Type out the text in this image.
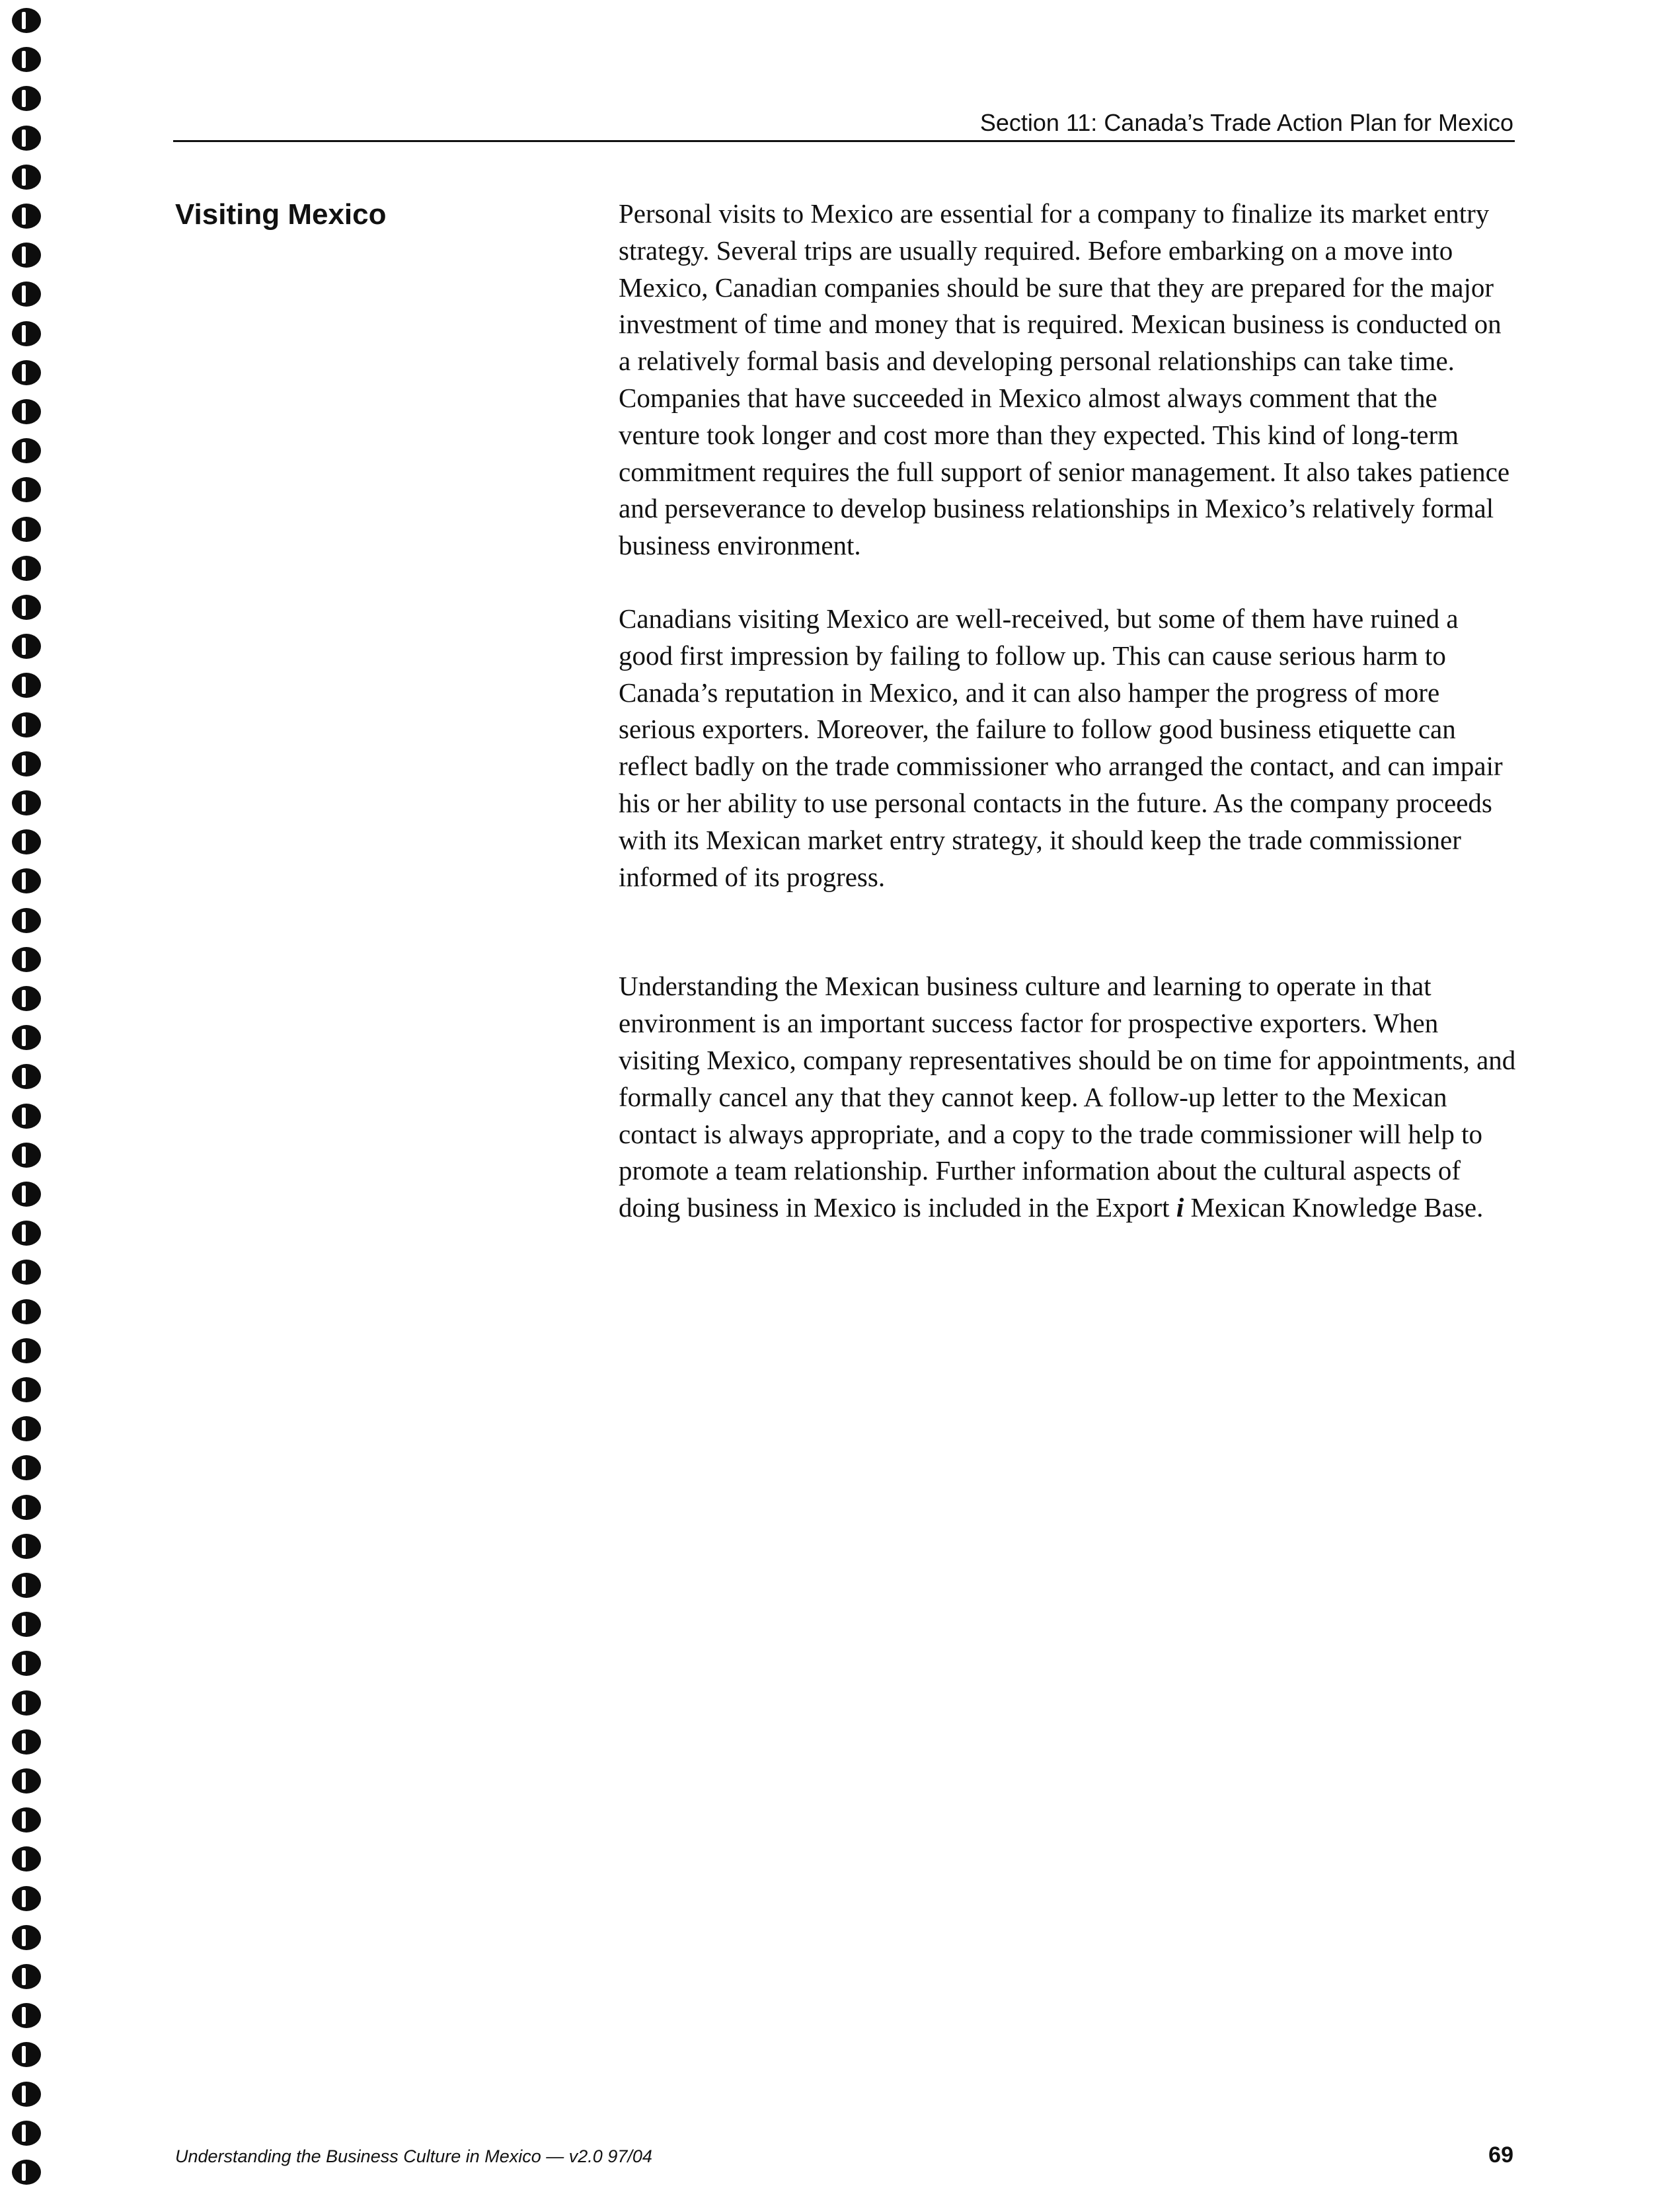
Section 11: Canada’s Trade Action Plan for Mexico
Visiting Mexico	Personal visits to Mexico are essential for a company to finalize its market entry strategy. Several trips are usually required. Before embarking on a move into Mexico, Canadian companies should be sure that they are prepared for the major investment of time and money that is required. Mexican business is conducted on a relatively formal basis and developing personal relationships can take time. Companies that have succeeded in Mexico almost always comment that the venture took longer and cost more than they expected. This kind of long-term commitment requires the full support of senior management. It also takes patience and perseverance to develop business relationships in Mexico’s relatively formal business environment.

Canadians visiting Mexico are well-received, but some of them have ruined a good first impression by failing to follow up. This can cause serious harm to Canada’s reputation in Mexico, and it can also hamper the progress of more serious exporters. Moreover, the failure to follow good business etiquette can reflect badly on the trade commissioner who arranged the contact, and can impair his or her ability to use personal contacts in the future. As the company proceeds with its Mexican market entry strategy, it should keep the trade commissioner informed of its progress.

Understanding the Mexican business culture and learning to operate in that environment is an important success factor for prospective exporters. When visiting Mexico, company representatives should be on time for appointments, and formally cancel any that they cannot keep. A follow-up letter to the Mexican contact is always appropriate, and a copy to the trade commissioner will help to promote a team relationship. Further information about the cultural aspects of doing business in Mexico is included in the Export i Mexican Knowledge Base.

Understanding the Business Culture in Mexico — v2.0 97/04	69
